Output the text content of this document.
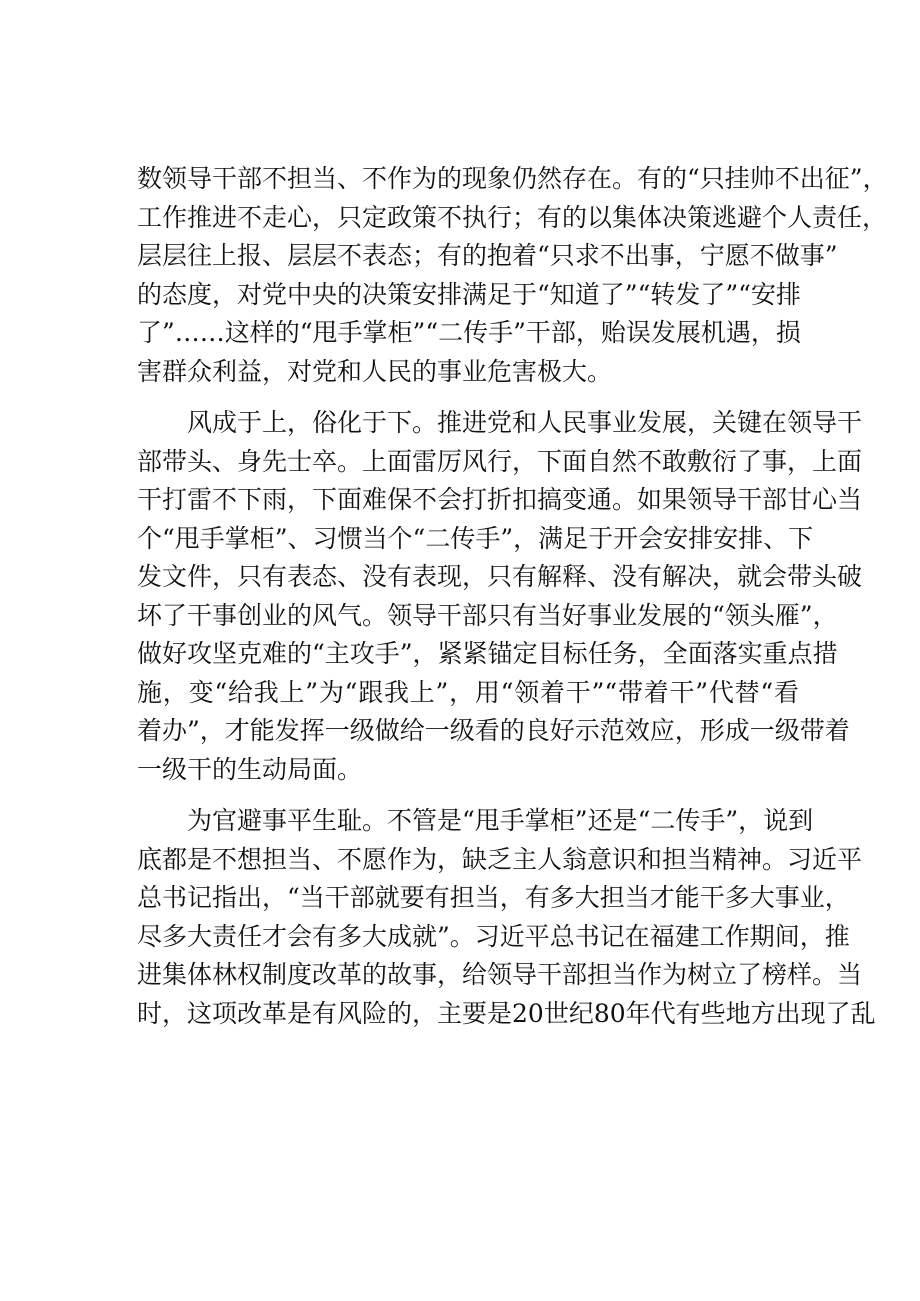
数领导干部不担当、不作为的现象仍然存在。有的“只挂帅不出征”，
工作推进不走心，只定政策不执行；有的以集体决策逃避个人责任，
层层往上报、层层不表态；有的抱着“只求不出事，宁愿不做事”
的态度，对党中央的决策安排满足于“知道了”“转发了”“安排
了”……这样的“甩手掌柜”“二传手”干部，贻误发展机遇，损
害群众利益，对党和人民的事业危害极大。
风成于上，俗化于下。推进党和人民事业发展，关键在领导干
部带头、身先士卒。上面雷厉风行，下面自然不敢敷衍了事，上面
干打雷不下雨，下面难保不会打折扣搞变通。如果领导干部甘心当
个“甩手掌柜”、习惯当个“二传手”，满足于开会安排安排、下
发文件，只有表态、没有表现，只有解释、没有解决，就会带头破
坏了干事创业的风气。领导干部只有当好事业发展的“领头雁”，
做好攻坚克难的“主攻手”，紧紧锚定目标任务，全面落实重点措
施，变“给我上”为“跟我上”，用“领着干”“带着干”代替“看
着办”，才能发挥一级做给一级看的良好示范效应，形成一级带着
一级干的生动局面。
为官避事平生耻。不管是“甩手掌柜”还是“二传手”，说到
底都是不想担当、不愿作为，缺乏主人翁意识和担当精神。习近平
总书记指出，“当干部就要有担当，有多大担当才能干多大事业，
尽多大责任才会有多大成就”。习近平总书记在福建工作期间，推
进集体林权制度改革的故事，给领导干部担当作为树立了榜样。当
时，这项改革是有风险的，主要是20世纪80年代有些地方出现了乱
